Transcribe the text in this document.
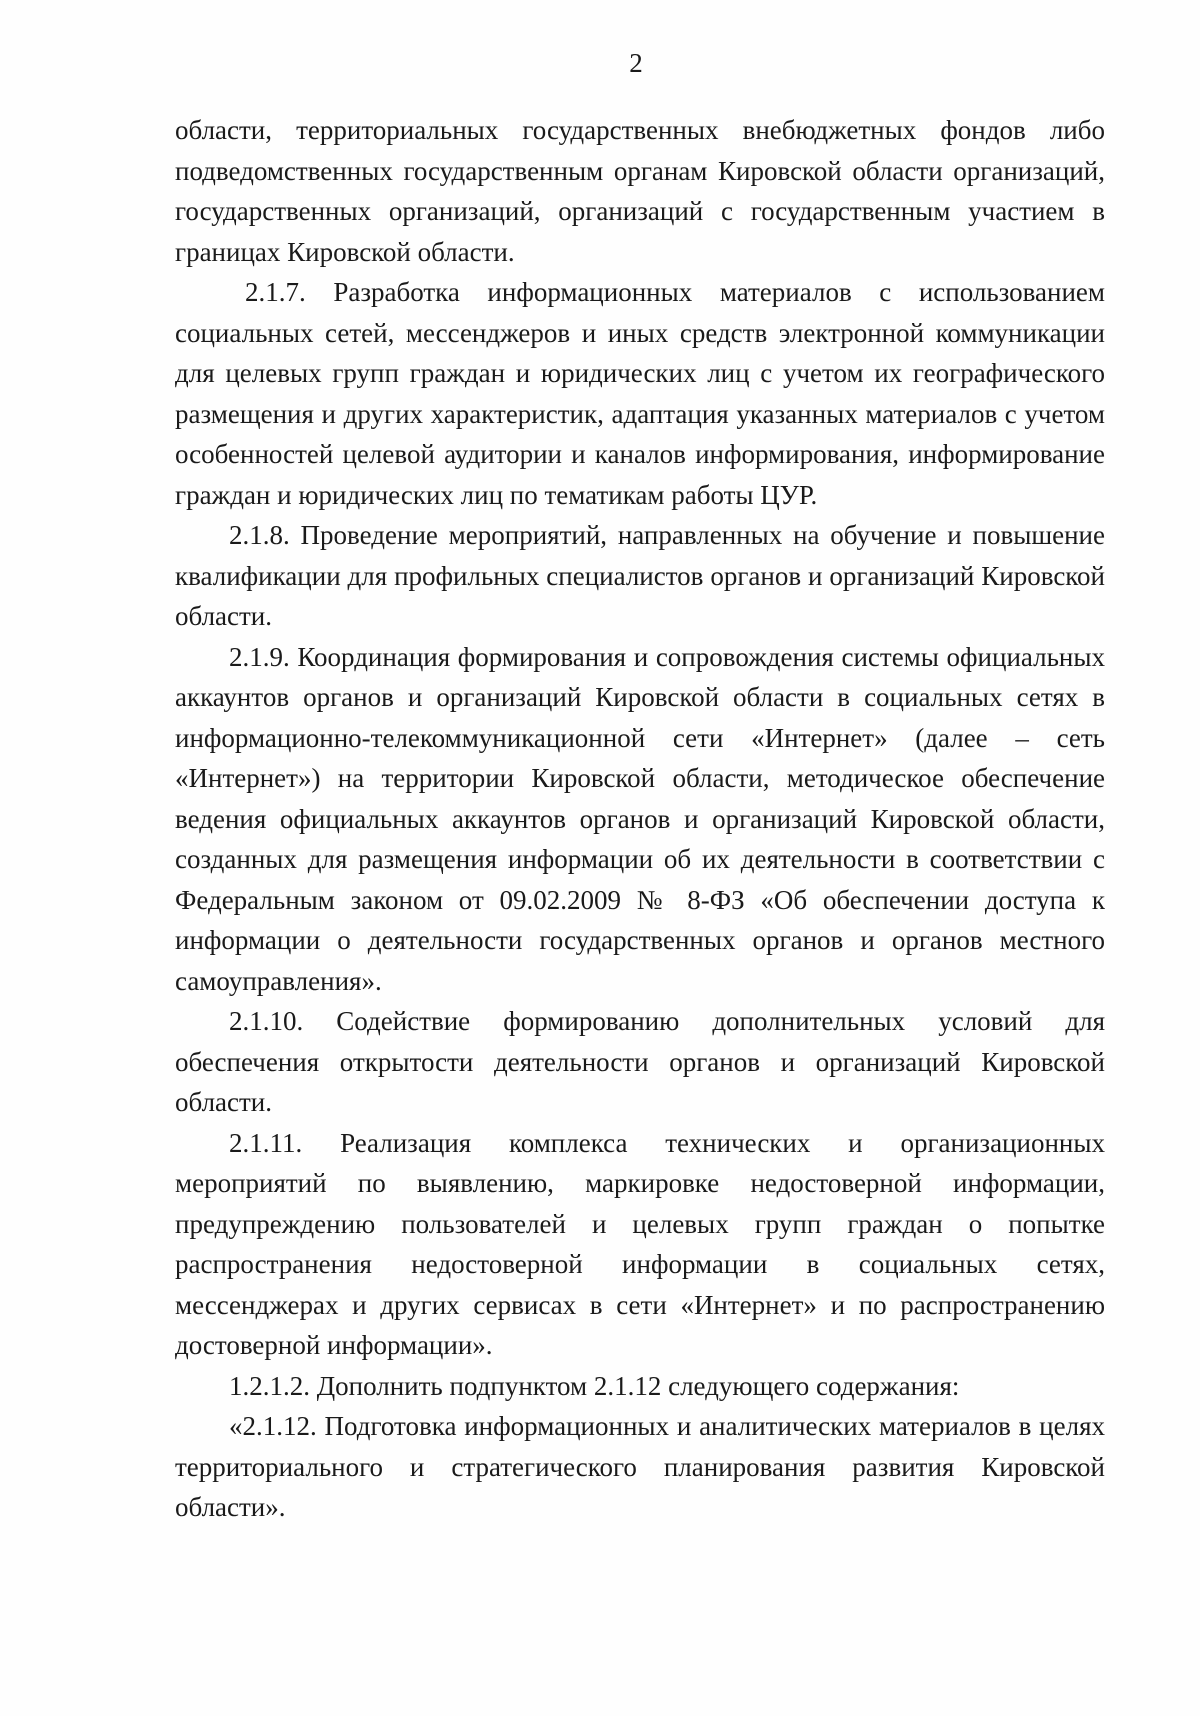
2

области, территориальных государственных внебюджетных фондов либо подведомственных государственным органам Кировской области организаций, государственных организаций, организаций с государственным участием в границах Кировской области.

2.1.7. Разработка информационных материалов с использованием социальных сетей, мессенджеров и иных средств электронной коммуникации для целевых групп граждан и юридических лиц с учетом их географического размещения и других характеристик, адаптация указанных материалов с учетом особенностей целевой аудитории и каналов информирования, информирование граждан и юридических лиц по тематикам работы ЦУР.

2.1.8. Проведение мероприятий, направленных на обучение и повышение квалификации для профильных специалистов органов и организаций Кировской области.

2.1.9. Координация формирования и сопровождения системы официальных аккаунтов органов и организаций Кировской области в социальных сетях в информационно-телекоммуникационной сети «Интернет» (далее – сеть «Интернет») на территории Кировской области, методическое обеспечение ведения официальных аккаунтов органов и организаций Кировской области, созданных для размещения информации об их деятельности в соответствии с Федеральным законом от 09.02.2009 № 8-ФЗ «Об обеспечении доступа к информации о деятельности государственных органов и органов местного самоуправления».

2.1.10. Содействие формированию дополнительных условий для обеспечения открытости деятельности органов и организаций Кировской области.

2.1.11. Реализация комплекса технических и организационных мероприятий по выявлению, маркировке недостоверной информации, предупреждению пользователей и целевых групп граждан о попытке распространения недостоверной информации в социальных сетях, мессенджерах и других сервисах в сети «Интернет» и по распространению достоверной информации».

1.2.1.2. Дополнить подпунктом 2.1.12 следующего содержания:

«2.1.12. Подготовка информационных и аналитических материалов в целях территориального и стратегического планирования развития Кировской области».
